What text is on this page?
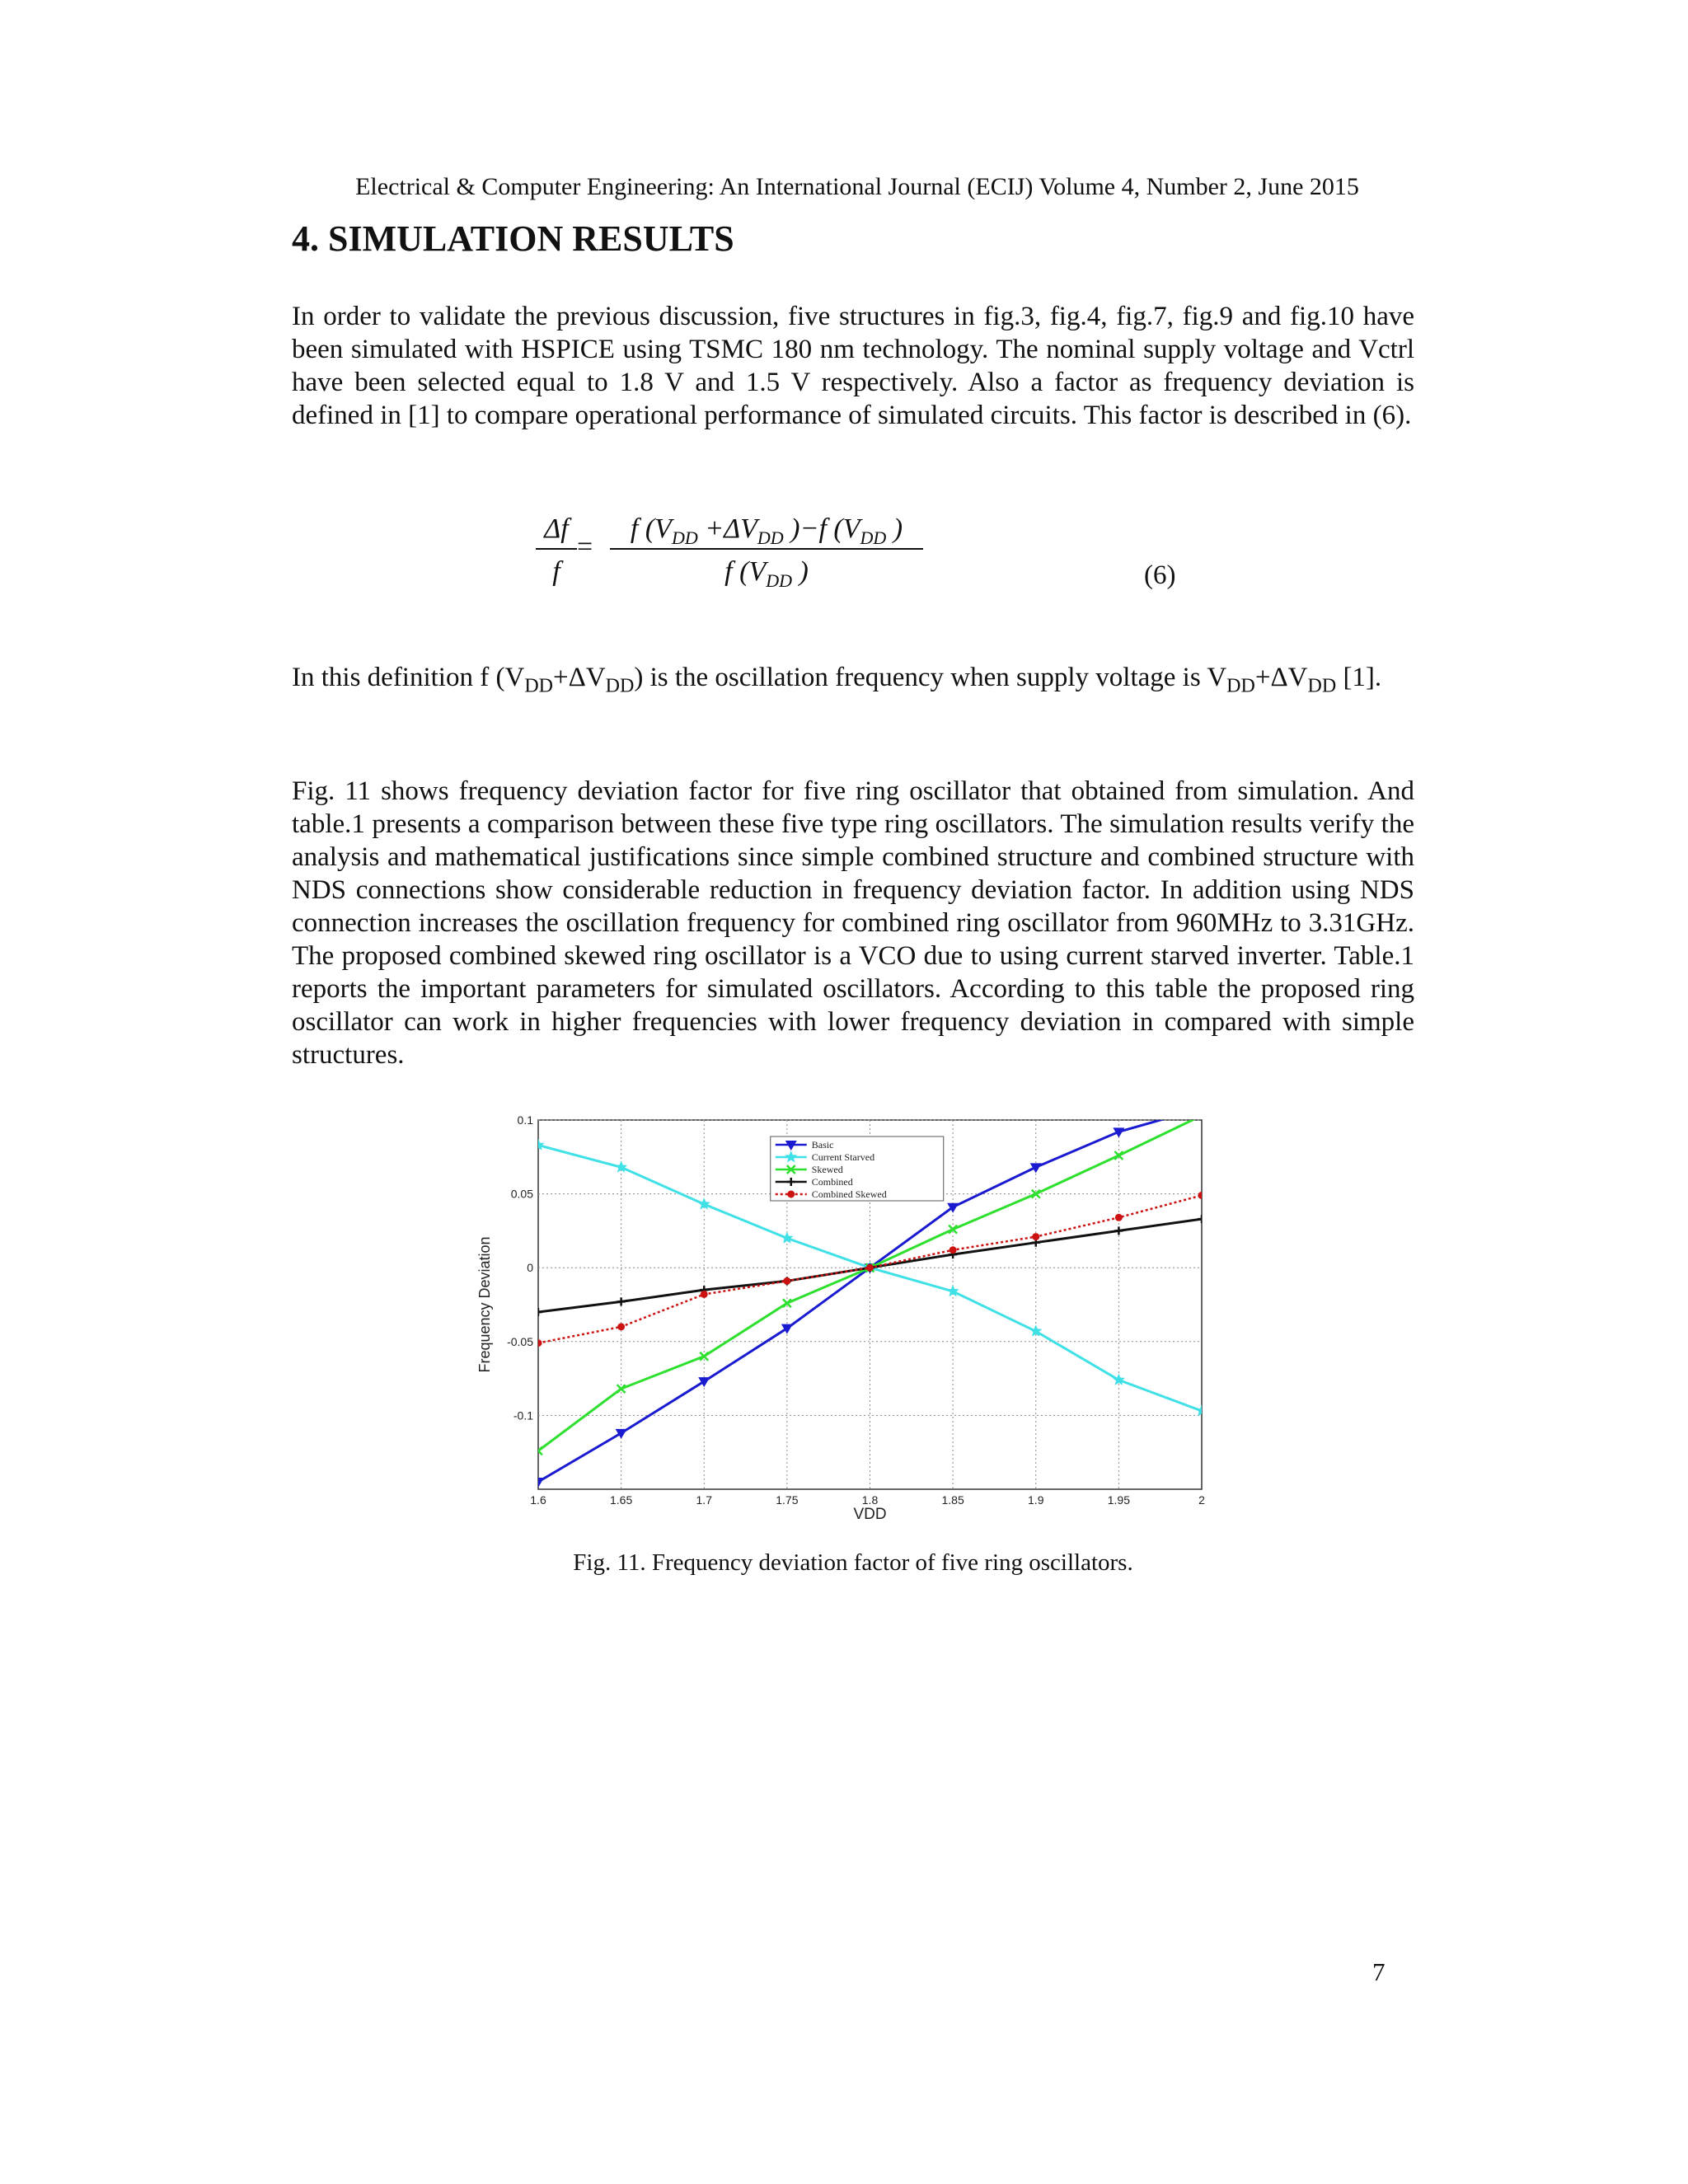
Electrical & Computer Engineering: An International Journal (ECIJ) Volume 4, Number 2, June 2015
4. SIMULATION RESULTS

In order to validate the previous discussion, five structures in fig.3, fig.4, fig.7, fig.9 and fig.10 have been simulated with HSPICE using TSMC 180 nm technology. The nominal supply voltage and Vctrl have been selected equal to 1.8 V and 1.5 V respectively. Also a factor as frequency deviation is defined in [1] to compare operational performance of simulated circuits. This factor is described in (6).

$\frac{\Delta f}{f}$ =
f ($V_{DD} +\Delta V_{DD}$ )−f ($V_{DD}$ )
f ($V_{DD}$ )	(6)

In this definition f $(V_{DD}+\Delta V_{DD})$ is the oscillation frequency when supply voltage is $V_{DD}+\Delta V_{DD}$ [1].

Fig. 11 shows frequency deviation factor for five ring oscillator that obtained from simulation. And table.1 presents a comparison between these five type ring oscillators. The simulation results verify the analysis and mathematical justifications since simple combined structure and combined structure with NDS connections show considerable reduction in frequency deviation factor. In addition using NDS connection increases the oscillation frequency for combined ring oscillator from 960MHz to 3.31GHz. The proposed combined skewed ring oscillator is a VCO due to using current starved inverter. Table.1 reports the important parameters for simulated oscillators. According to this table the proposed ring oscillator can work in higher frequencies with lower frequency deviation in compared with simple structures.

1.6	1.65	1.7	1.75	1.8	1.85	1.9	1.95	2
0.1
0.05
0
-0.05
-0.1
VDD
Frequency Deviation
Basic
Current Starved
Skewed
Combined
Combined Skewed
Fig. 11. Frequency deviation factor of five ring oscillators.
7
